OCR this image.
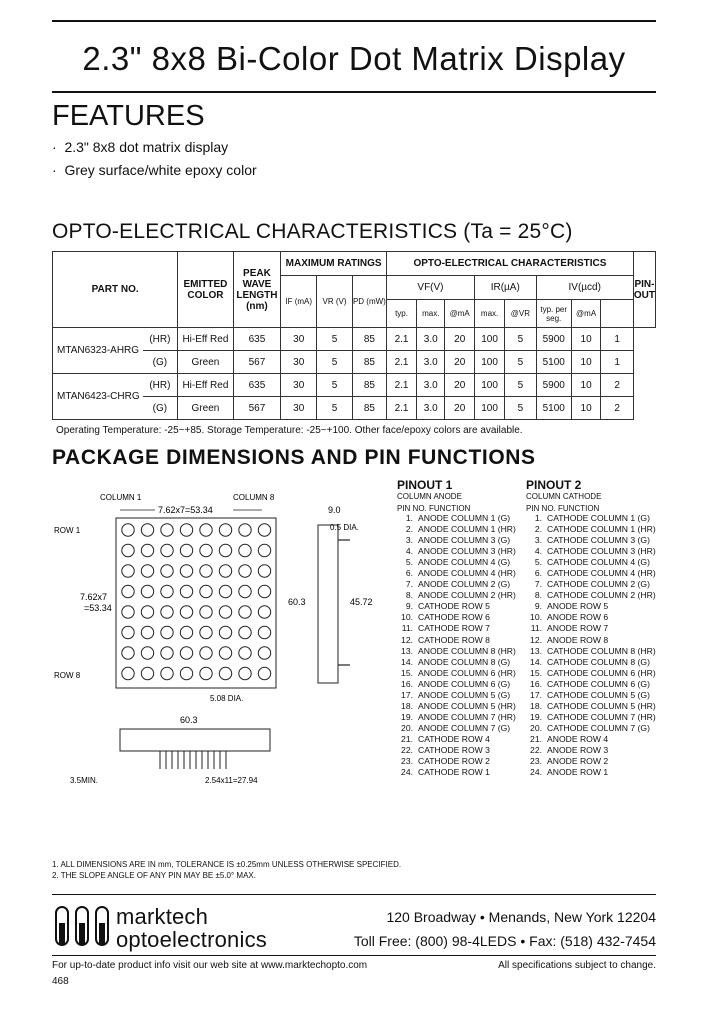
2.3" 8x8 Bi-Color Dot Matrix Display
FEATURES
·  2.3" 8x8 dot matrix display
·  Grey surface/white epoxy color
OPTO-ELECTRICAL CHARACTERISTICS (Ta = 25°C)
PART NO.		EMITTED COLOR	PEAK WAVE LENGTH (nm)	MAXIMUM RATINGS			OPTO-ELECTRICAL CHARACTERISTICS								PIN-OUT
				IF (mA)	VR (V)	PD (mW)	VF(V)			IR(µA)		IV(µcd)			
							typ.	max.	@mA	max.	@VR	typ. per seg.	@mA		
MTAN6323-AHRG	(HR)	Hi-Eff Red	635	30	5	85	2.1	3.0	20	100	5	5900	10	1	
	(G)	Green	567	30	5	85	2.1	3.0	20	100	5	5100	10	1	
MTAN6423-CHRG	(HR)	Hi-Eff Red	635	30	5	85	2.1	3.0	20	100	5	5900	10	2	
	(G)	Green	567	30	5	85	2.1	3.0	20	100	5	5100	10	2	
Operating Temperature: -25~+85. Storage Temperature: -25~+100. Other face/epoxy colors are available.
PACKAGE DIMENSIONS AND PIN FUNCTIONS
COLUMN 1	COLUMN 8
7.62x7=53.34
ROW 1
ROW 8
7.62x7
=53.34
5.08 DIA.
9.0
0.5 DIA.
60.3	45.72
60.3
3.5MIN.	2.54x11=27.94
PINOUT 1
COLUMN ANODE
PIN NO. FUNCTION
1. ANODE COLUMN 1 (G)
2. ANODE COLUMN 1 (HR)
3. ANODE COLUMN 3 (G)
4. ANODE COLUMN 3 (HR)
5. ANODE COLUMN 4 (G)
6. ANODE COLUMN 4 (HR)
7. ANODE COLUMN 2 (G)
8. ANODE COLUMN 2 (HR)
9. CATHODE ROW 5
10. CATHODE ROW 6
11. CATHODE ROW 7
12. CATHODE ROW 8
13. ANODE COLUMN 8 (HR)
14. ANODE COLUMN 8 (G)
15. ANODE COLUMN 6 (HR)
16. ANODE COLUMN 6 (G)
17. ANODE COLUMN 5 (G)
18. ANODE COLUMN 5 (HR)
19. ANODE COLUMN 7 (HR)
20. ANODE COLUMN 7 (G)
21. CATHODE ROW 4
22. CATHODE ROW 3
23. CATHODE ROW 2
24. CATHODE ROW 1
PINOUT 2
COLUMN CATHODE
PIN NO. FUNCTION
1. CATHODE COLUMN 1 (G)
2. CATHODE COLUMN 1 (HR)
3. CATHODE COLUMN 3 (G)
4. CATHODE COLUMN 3 (HR)
5. CATHODE COLUMN 4 (G)
6. CATHODE COLUMN 4 (HR)
7. CATHODE COLUMN 2 (G)
8. CATHODE COLUMN 2 (HR)
9. ANODE ROW 5
10. ANODE ROW 6
11. ANODE ROW 7
12. ANODE ROW 8
13. CATHODE COLUMN 8 (HR)
14. CATHODE COLUMN 8 (G)
15. CATHODE COLUMN 6 (HR)
16. CATHODE COLUMN 6 (G)
17. CATHODE COLUMN 5 (G)
18. CATHODE COLUMN 5 (HR)
19. CATHODE COLUMN 7 (HR)
20. CATHODE COLUMN 7 (G)
21. ANODE ROW 4
22. ANODE ROW 3
23. ANODE ROW 2
24. ANODE ROW 1
1. ALL DIMENSIONS ARE IN mm, TOLERANCE IS ±0.25mm UNLESS OTHERWISE SPECIFIED.
2. THE SLOPE ANGLE OF ANY PIN MAY BE ±5.0° MAX.
marktech
optoelectronics
120 Broadway • Menands, New York 12204
Toll Free: (800) 98-4LEDS • Fax: (518) 432-7454
For up-to-date product info visit our web site at www.marktechopto.com	All specifications subject to change.
468
